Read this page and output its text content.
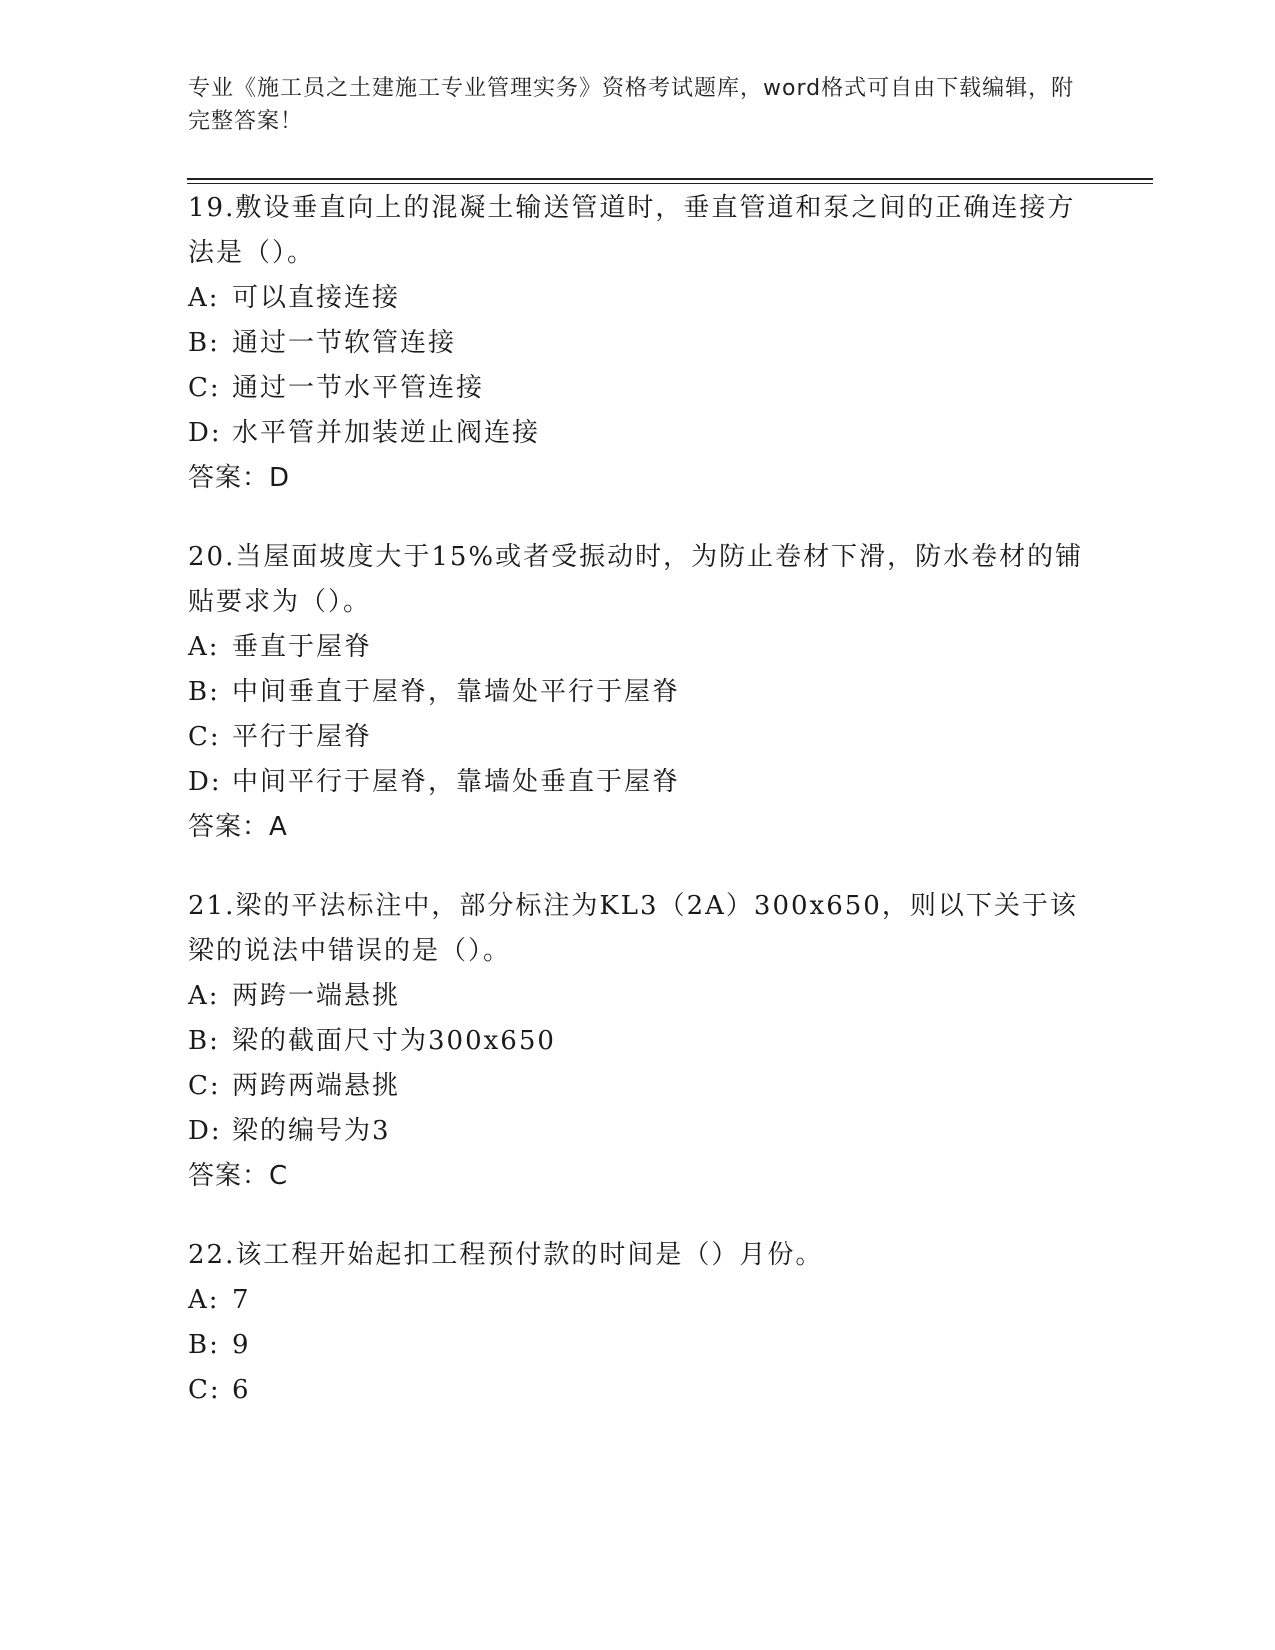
专业《施工员之土建施工专业管理实务》资格考试题库，word格式可自由下载编辑，附完整答案！

19.敷设垂直向上的混凝土输送管道时，垂直管道和泵之间的正确连接方法是（）。

A: 可以直接连接

B: 通过一节软管连接

C: 通过一节水平管连接

D: 水平管并加装逆止阀连接

答案：D

20.当屋面坡度大于15%或者受振动时，为防止卷材下滑，防水卷材的铺贴要求为（）。

A: 垂直于屋脊

B: 中间垂直于屋脊，靠墙处平行于屋脊

C: 平行于屋脊

D: 中间平行于屋脊，靠墙处垂直于屋脊

答案：A

21.梁的平法标注中，部分标注为KL3（2A）300x650，则以下关于该梁的说法中错误的是（）。

A: 两跨一端悬挑

B: 梁的截面尺寸为300x650

C: 两跨两端悬挑

D: 梁的编号为3

答案：C

22.该工程开始起扣工程预付款的时间是（）月份。

A: 7

B: 9

C: 6
